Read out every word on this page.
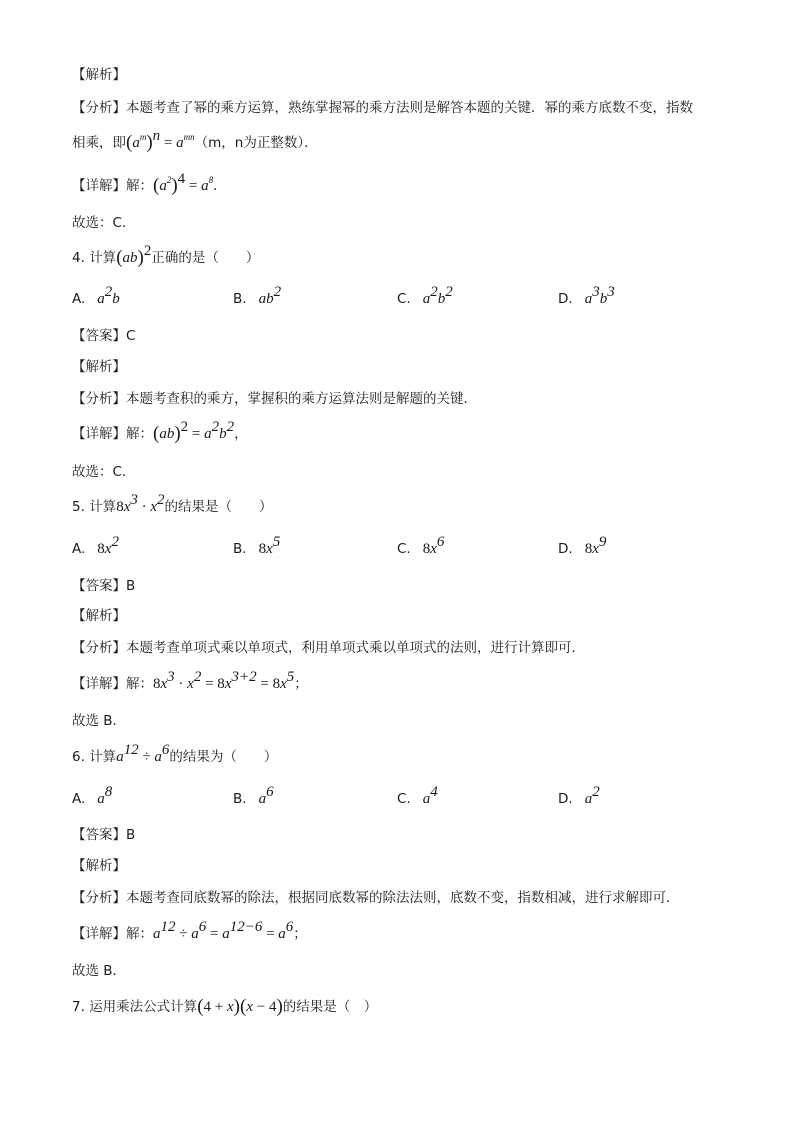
【解析】
【分析】本题考查了幂的乘方运算，熟练掌握幂的乘方法则是解答本题的关键．幂的乘方底数不变，指数
相乘，即$(a^m)^n = a^{mn}(m$，n为正整数）．
【详解】解：$(a^2)^4 = a^8$．
故选：C．
4. 计算(ab)$^2$正确的是（　　）
A. $a^2b$	B. $ab^2$	C. $a^2b^2$	D. $a^3b^3$
【答案】C
【解析】
【分析】本题考查积的乘方，掌握积的乘方运算法则是解题的关键．
【详解】解：$(ab)^2 = a^2b^2$，
故选：C．
5. 计算$8x^3 \cdot x^2$的结果是（　　）
A. $8x^2$	B. $8x^5$	C. $8x^6$	D. $8x^9$
【答案】B
【解析】
【分析】本题考查单项式乘以单项式，利用单项式乘以单项式的法则，进行计算即可．
【详解】解：$8x^3 \cdot x^2 = 8x^{3+2} = 8x^5$；
故选 B．
6. 计算$a^{12} \div a^6$的结果为（　　）
A. $a^8$	B. $a^6$	C. $a^4$	D. $a^2$
【答案】B
【解析】
【分析】本题考查同底数幂的除法，根据同底数幂的除法法则，底数不变，指数相减，进行求解即可．
【详解】解：$a^{12} \div a^6 = a^{12-6} = a^6$；
故选 B．
7. 运用乘法公式计算(4 + x)(x − 4)的结果是（　）
